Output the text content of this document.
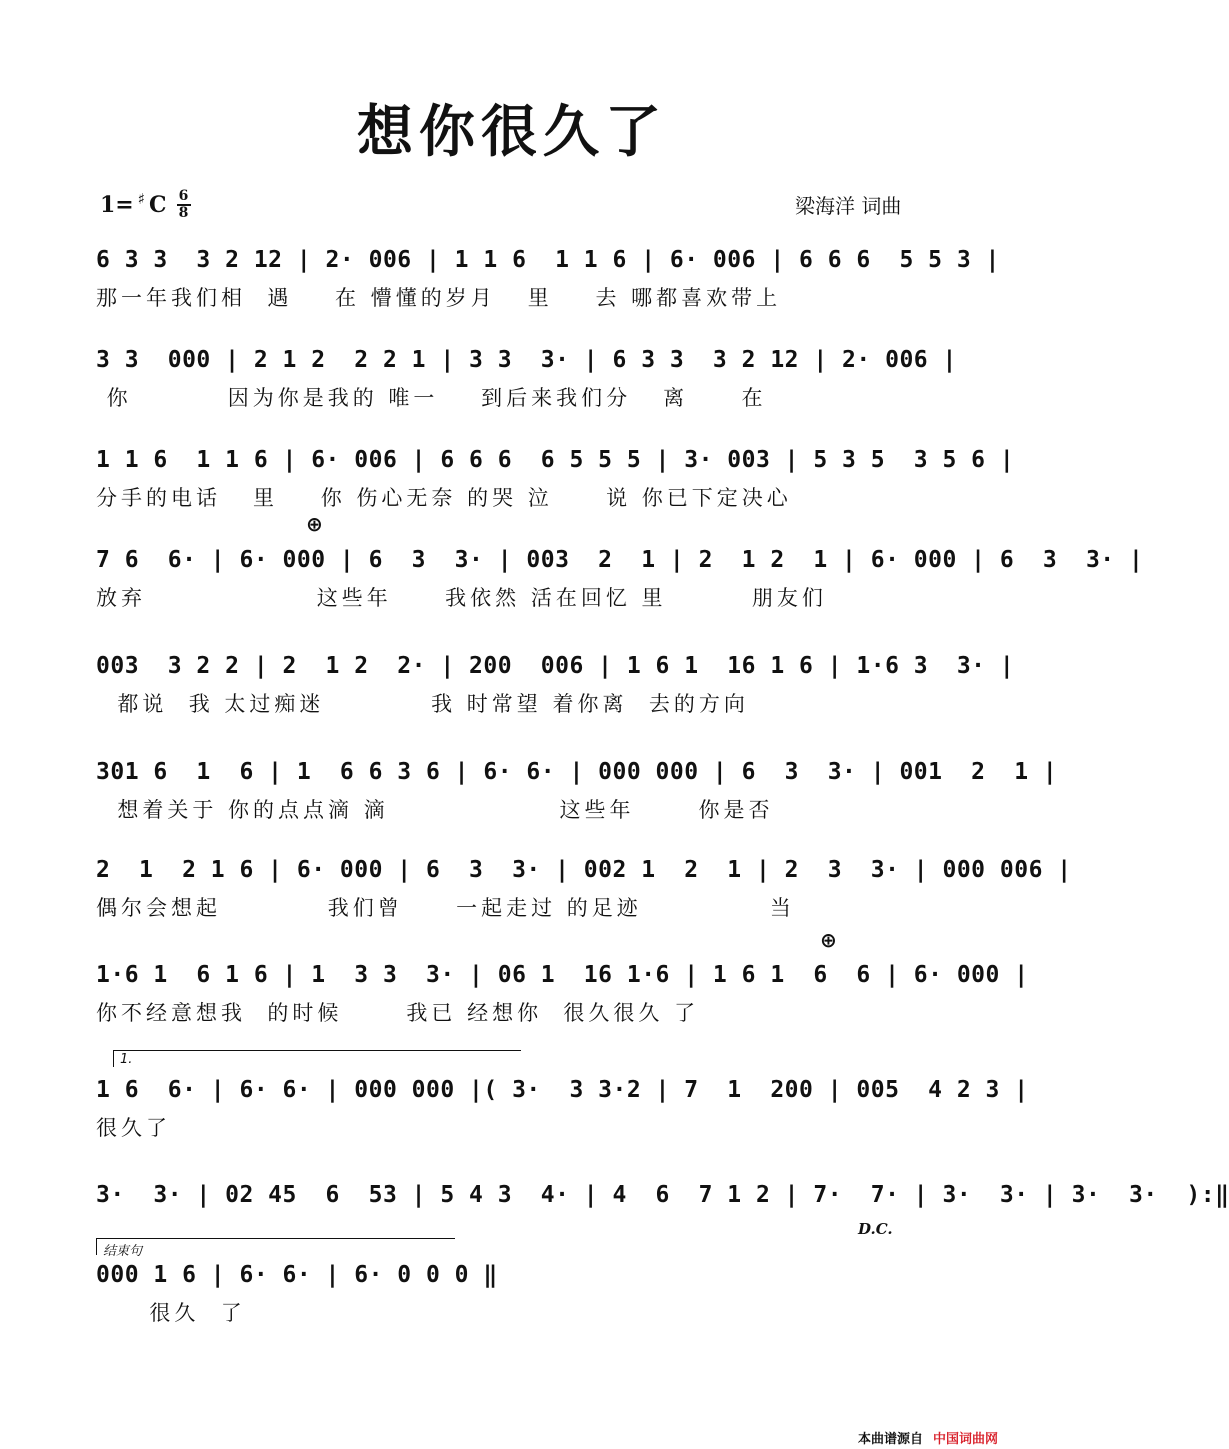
想你很久了
1= ♯ C 6
8	梁海洋 词曲
6 3 3  3 2 12 | 2· 006 | 1 1 6  1 1 6 | 6· 006 | 6 6 6  5 5 3 |
那一年我们相  遇    在 懵懂的岁月   里    去 哪都喜欢带上
3 3  000 | 2 1 2  2 2 1 | 3 3  3· | 6 3 3  3 2 12 | 2· 006 |
你         因为你是我的 唯一    到后来我们分   离     在
1 1 6  1 1 6 | 6· 006 | 6 6 6  6 5 5 5 | 3· 003 | 5 3 5  3 5 6 |
分手的电话   里    你 伤心无奈 的哭 泣     说 你已下定决心
⊕
7 6  6· | 6· 000 | 6  3  3· | 003  2  1 | 2  1 2  1 | 6· 000 | 6  3  3· |
放弃                这些年     我依然 活在回忆 里        朋友们
003  3 2 2 | 2  1 2  2· | 200  006 | 1 6 1  16 1 6 | 1·6 3  3· |
都说  我 太过痴迷          我 时常望 着你离  去的方向
301 6  1  6 | 1  6 6 3 6 | 6· 6· | 000 000 | 6  3  3· | 001  2  1 |
想着关于 你的点点滴 滴                这些年      你是否
2  1  2 1 6 | 6· 000 | 6  3  3· | 002 1  2  1 | 2  3  3· | 000 006 |
偶尔会想起          我们曾     一起走过 的足迹            当
⊕
1·6 1  6 1 6 | 1  3 3  3· | 06 1  16 1·6 | 1 6 1  6  6 | 6· 000 |
你不经意想我  的时候      我已 经想你  很久很久 了
1.
1 6  6· | 6· 6· | 000 000 |( 3·  3 3·2 | 7  1  200 | 005  4 2 3 |
很久了
3·  3· | 02 45  6  53 | 5 4 3  4· | 4  6  7 1 2 | 7·  7· | 3·  3· | 3·  3·  ):‖
D.C.
结束句
000 1 6 | 6· 6· | 6· 0 0 0 ‖
很久  了
本曲谱源自 中国词曲网
